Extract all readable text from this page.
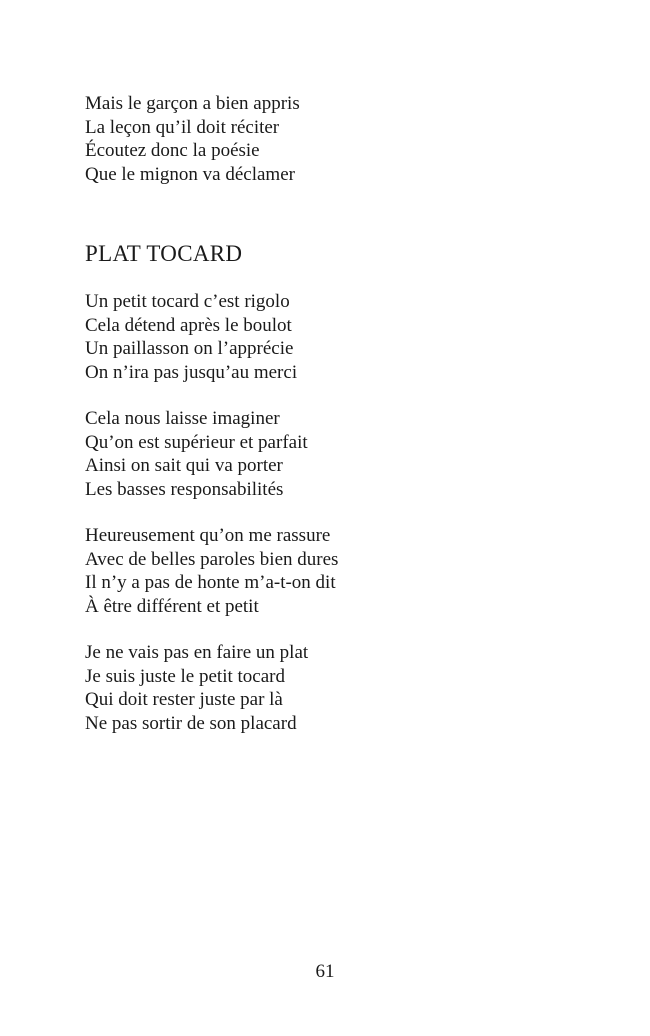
Mais le garçon a bien appris
La leçon qu’il doit réciter
Écoutez donc la poésie
Que le mignon va déclamer

PLAT TOCARD

Un petit tocard c’est rigolo
Cela détend après le boulot
Un paillasson on l’apprécie
On n’ira pas jusqu’au merci

Cela nous laisse imaginer
Qu’on est supérieur et parfait
Ainsi on sait qui va porter
Les basses responsabilités

Heureusement qu’on me rassure
Avec de belles paroles bien dures
Il n’y a pas de honte m’a-t-on dit
À être différent et petit

Je ne vais pas en faire un plat
Je suis juste le petit tocard
Qui doit rester juste par là
Ne pas sortir de son placard

61
